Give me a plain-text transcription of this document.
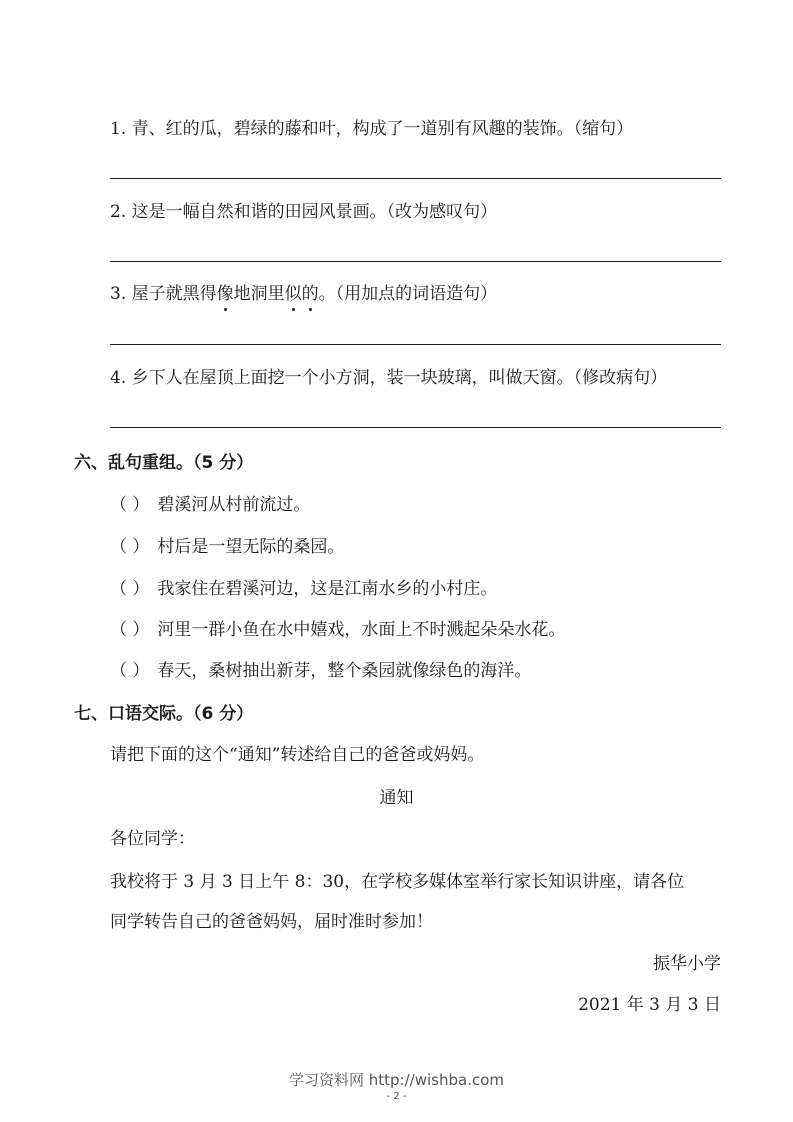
1. 青、红的瓜，碧绿的藤和叶，构成了一道别有风趣的装饰。（缩句）
2. 这是一幅自然和谐的田园风景画。（改为感叹句）
3. 屋子就黑得像地洞里似的。（用加点的词语造句）
4. 乡下人在屋顶上面挖一个小方洞，装一块玻璃，叫做天窗。（修改病句）
六、乱句重组。（5 分）
（ ） 碧溪河从村前流过。
（ ） 村后是一望无际的桑园。
（ ） 我家住在碧溪河边，这是江南水乡的小村庄。
（ ） 河里一群小鱼在水中嬉戏，水面上不时溅起朵朵水花。
（ ） 春天，桑树抽出新芽，整个桑园就像绿色的海洋。
七、口语交际。（6 分）
请把下面的这个“通知”转述给自己的爸爸或妈妈。
通知
各位同学：
我校将于 3 月 3 日上午 8：30，在学校多媒体室举行家长知识讲座，请各位
同学转告自己的爸爸妈妈，届时准时参加！
振华小学
2021 年 3 月 3 日
学习资料网 http://wishba.com
- 2 -
